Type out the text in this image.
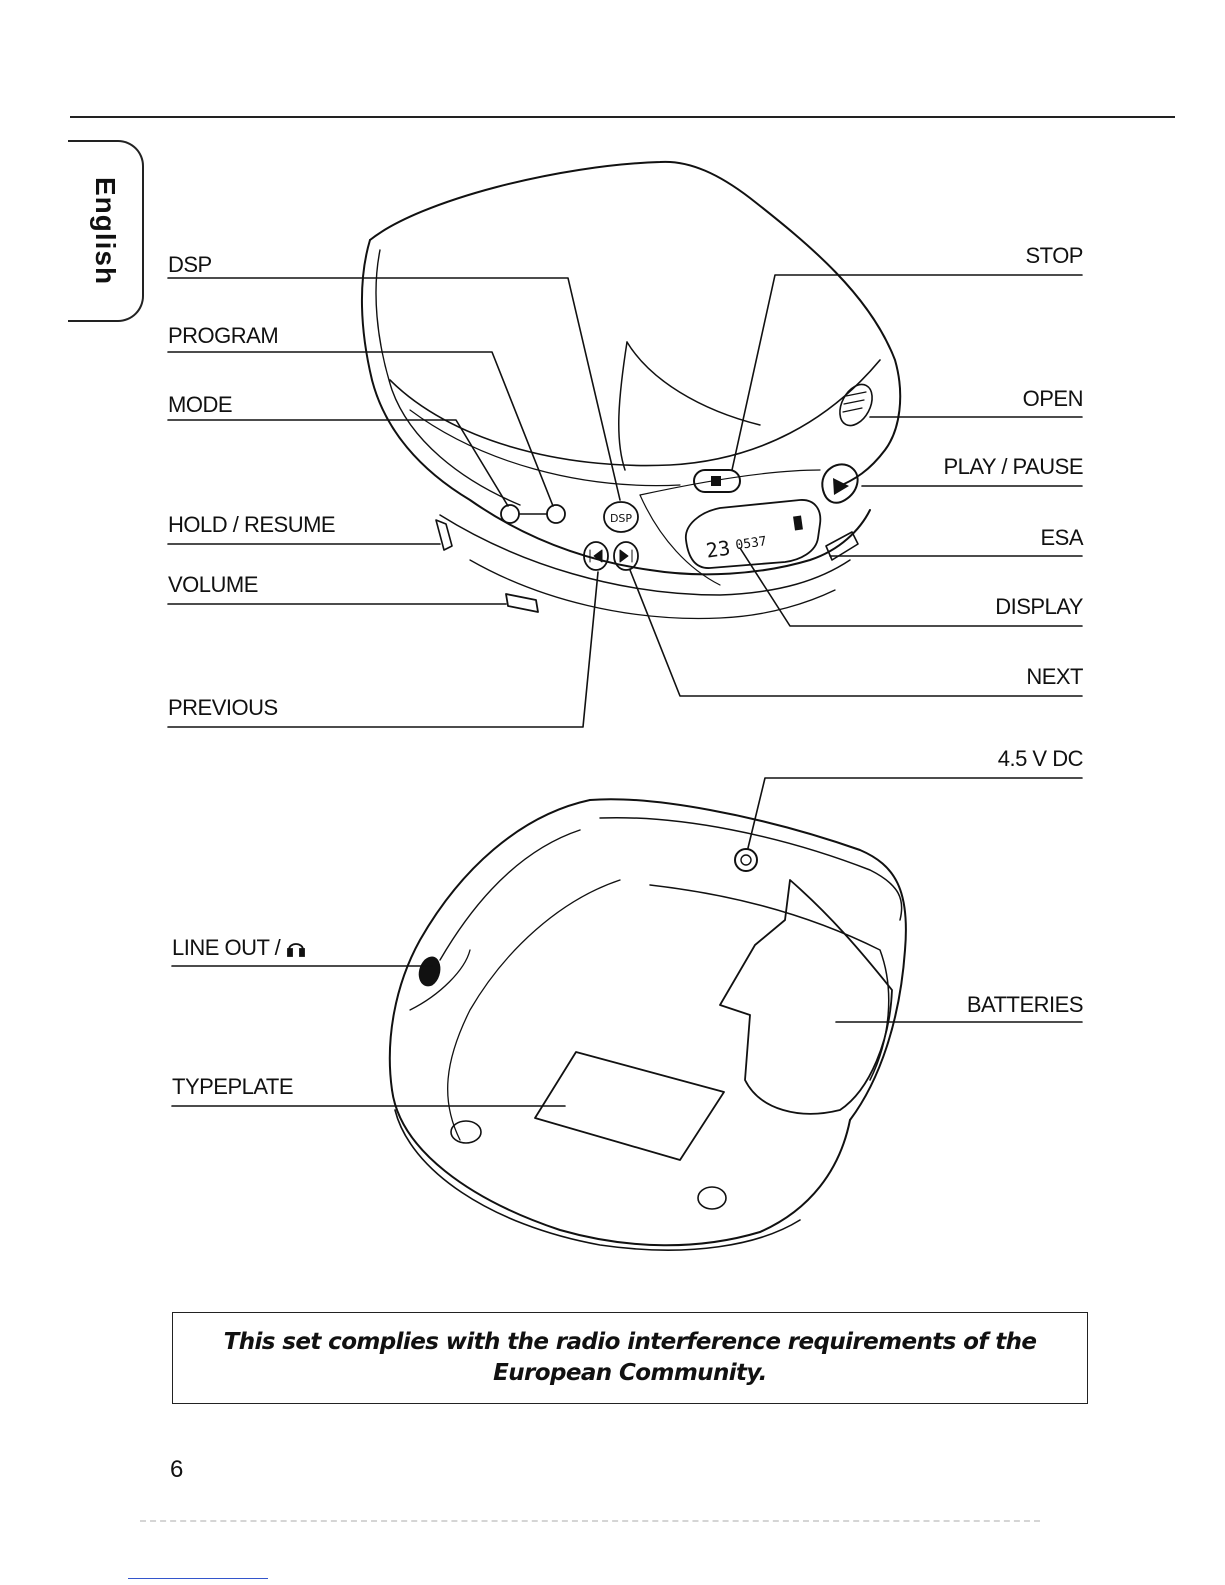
English
DSP
23 0537
DSP
PROGRAM
MODE
HOLD / RESUME
VOLUME
PREVIOUS
STOP
OPEN
PLAY / PAUSE
ESA
DISPLAY
NEXT
4.5 V DC
LINE OUT /
BATTERIES
TYPEPLATE
This set complies with the radio interference requirements of the
European Community.
6
